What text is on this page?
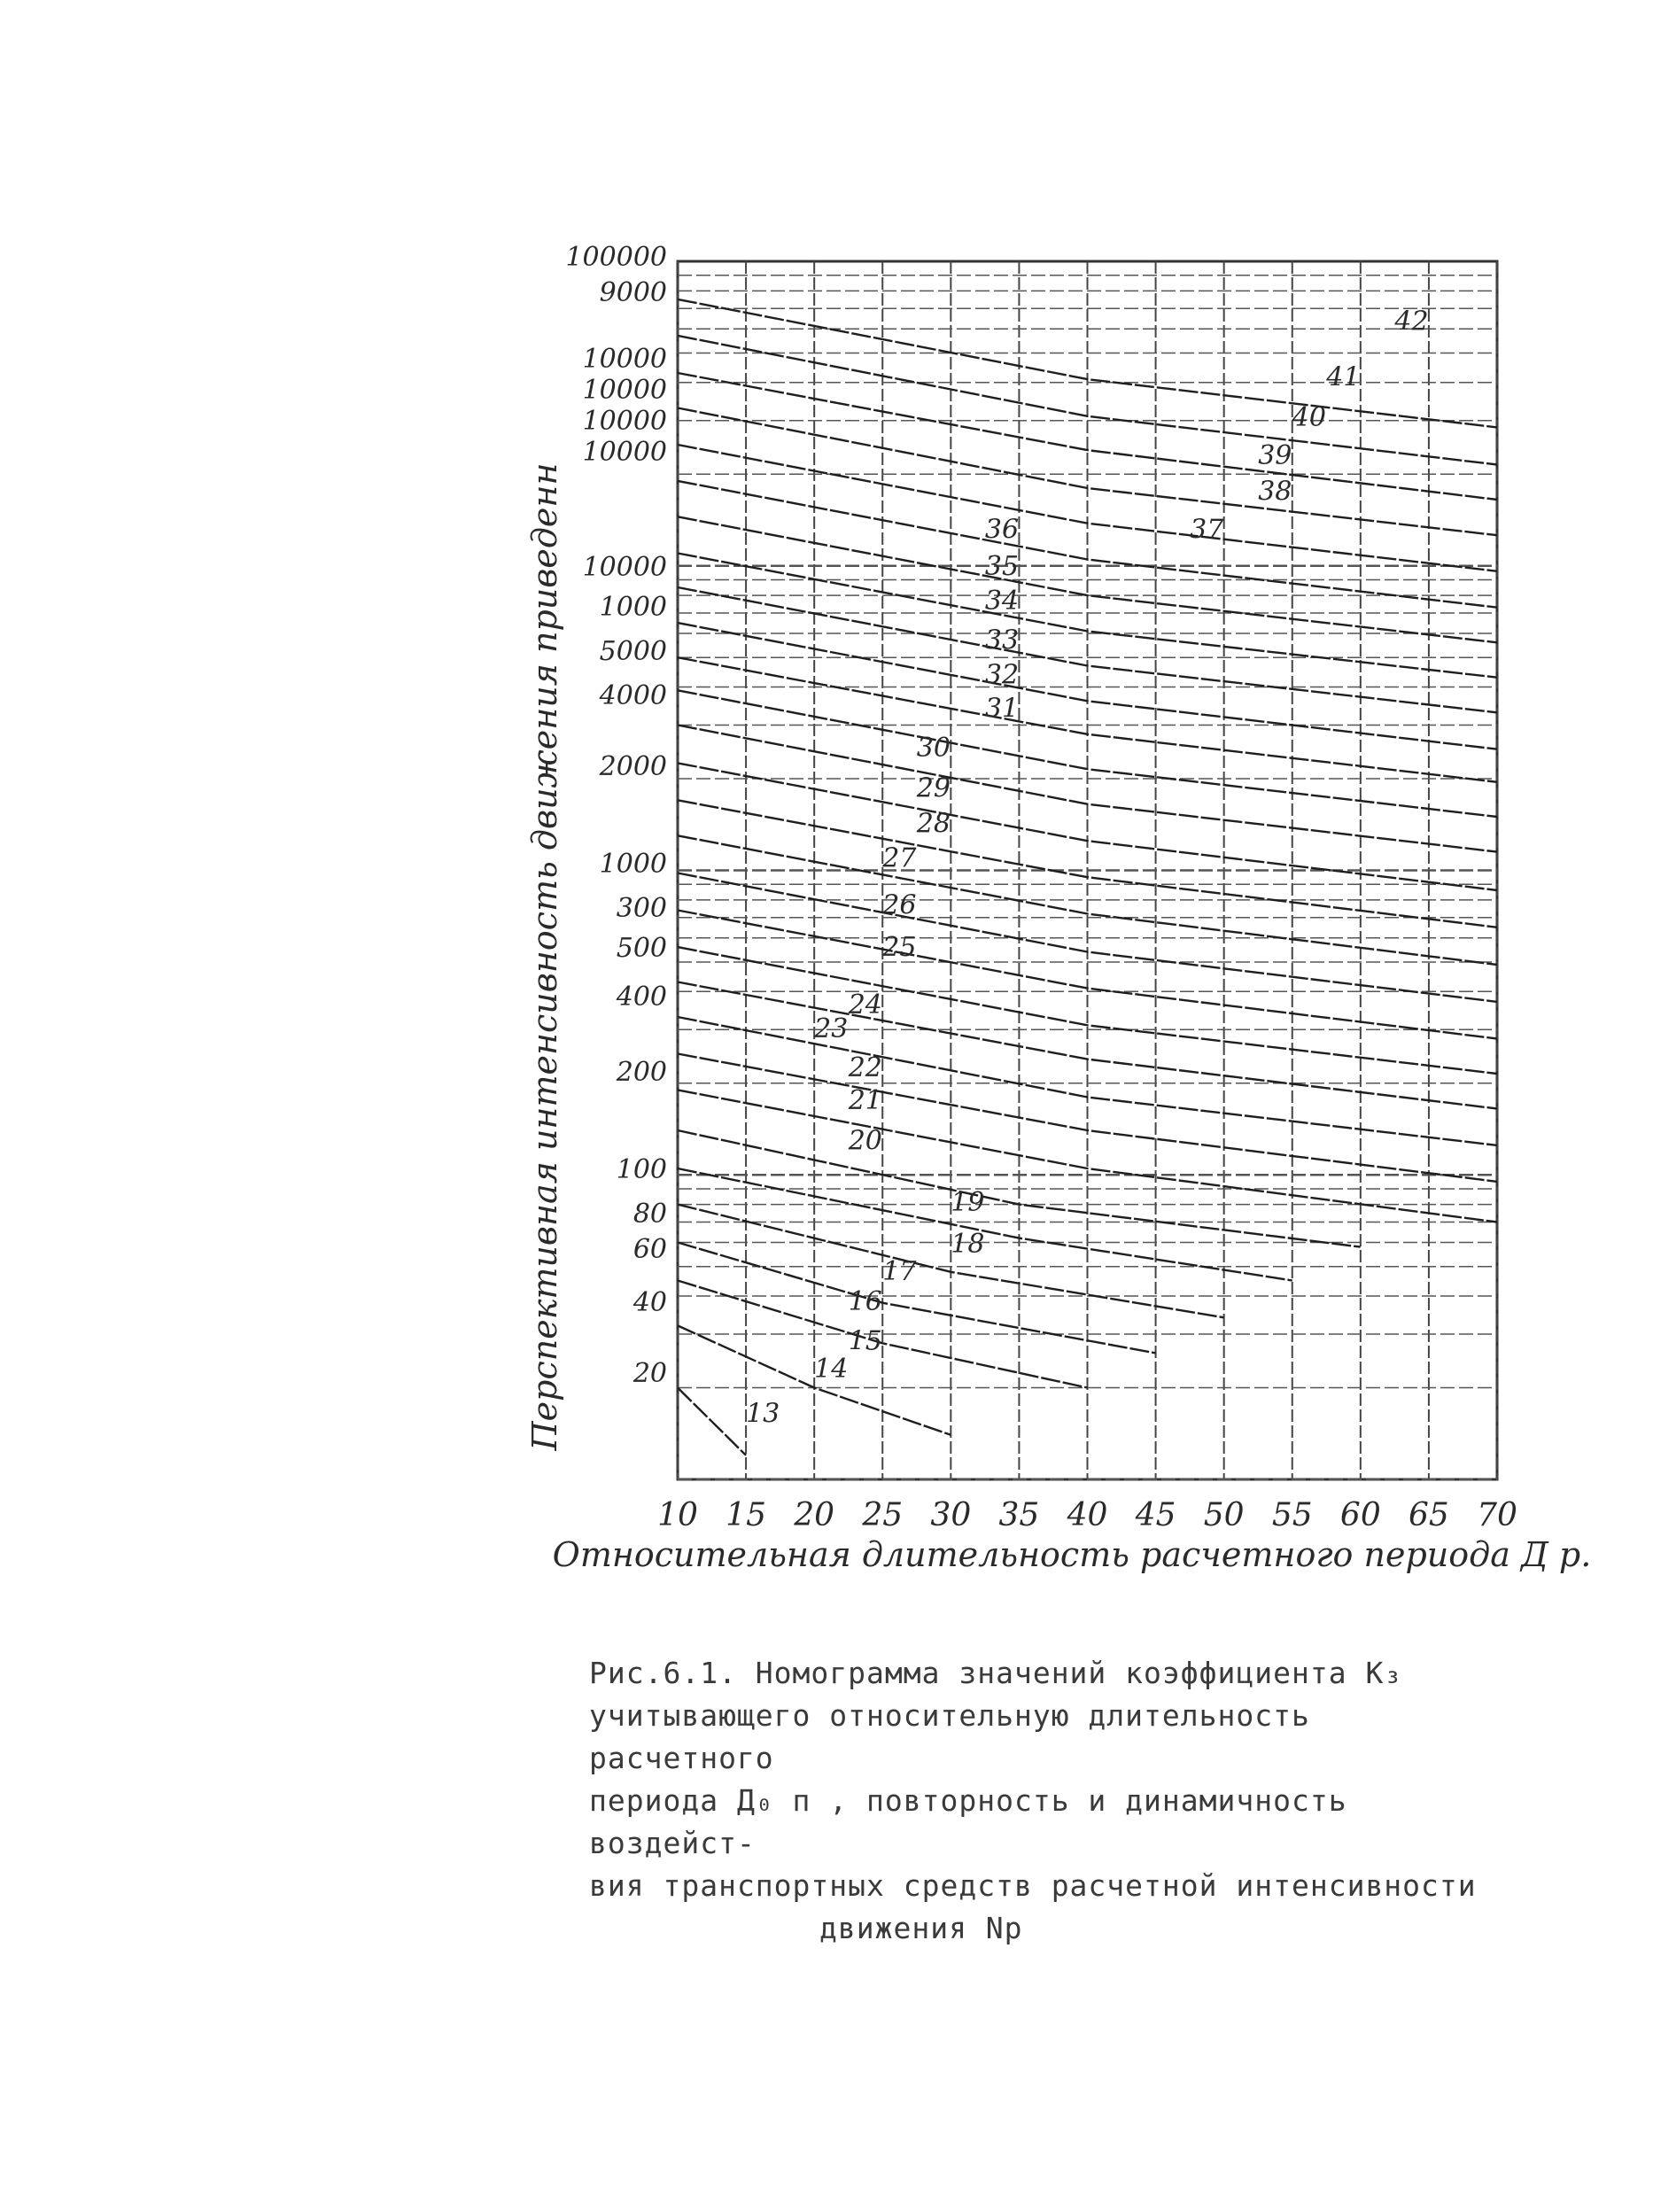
13
14
15
16
17
18
19
20
21
22
23
24
25
26
27
28
29
30
31
32
33
34
35
36	37
38
39
40
41
42
100000
9000
10000
10000
10000
10000
10000
1000
5000
4000
2000
1000
300
500
400
200
100
80
60
40
20
10 15 20 25 30 35 40 45 50 55 60 65 70
Относительная длительность расчетного периода Д р.
Перспективная интенсивность движения приведенн
Рис.6.1. Номограмма значений коэффициента К₃
учитывающего относительную длительность расчетного
периода Д₀ п , повторность и динамичность воздейст-
вия транспортных средств расчетной интенсивности
движения Nр
